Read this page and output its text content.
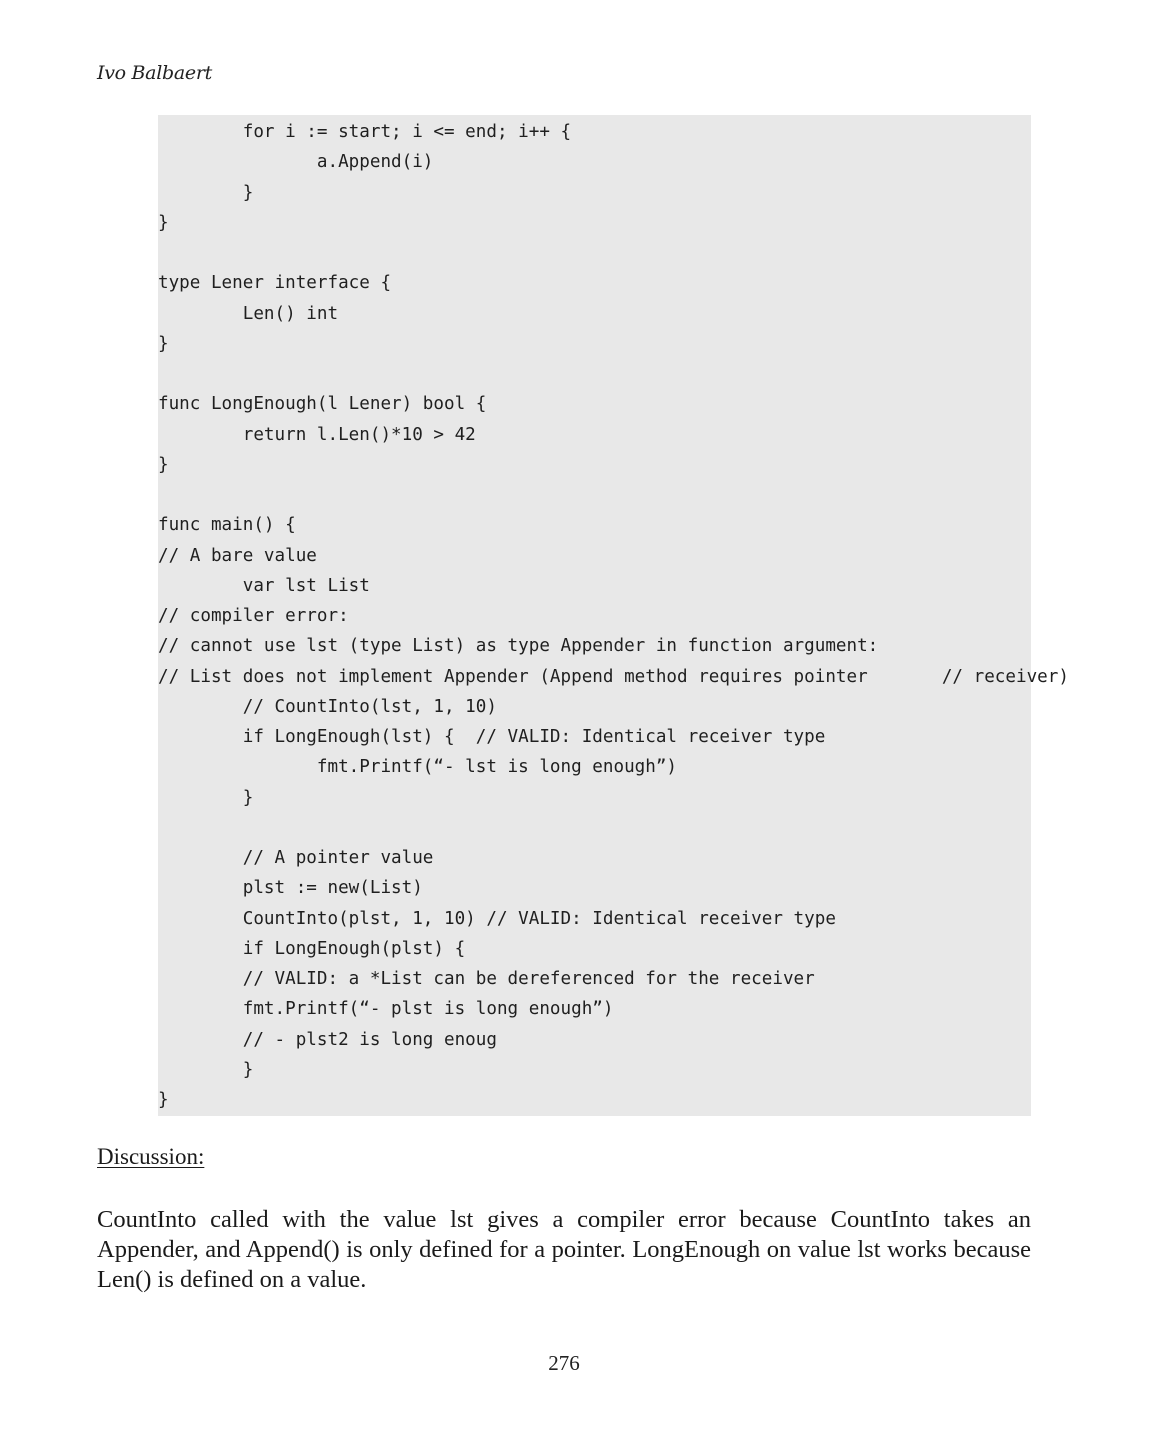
Ivo Balbaert

for i := start; i <= end; i++ {
a.Append(i)
}
}
type Lener interface {
Len() int
}
func LongEnough(l Lener) bool {
return l.Len()*10 > 42
}
func main() {
// A bare value
var lst List
// compiler error:
// cannot use lst (type List) as type Appender in function argument:
// List does not implement Appender (Append method requires pointer       // receiver)
// CountInto(lst, 1, 10)
if LongEnough(lst) {  // VALID: Identical receiver type
fmt.Printf(“- lst is long enough”)
}
// A pointer value
plst := new(List)
CountInto(plst, 1, 10) // VALID: Identical receiver type
if LongEnough(plst) {
// VALID: a *List can be dereferenced for the receiver
fmt.Printf(“- plst is long enough”)
// - plst2 is long enoug
}
}

Discussion:

CountInto called with the value lst gives a compiler error because CountInto takes an Appender, and Append() is only defined for a pointer. LongEnough on value lst works because Len() is defined on a value.

276
